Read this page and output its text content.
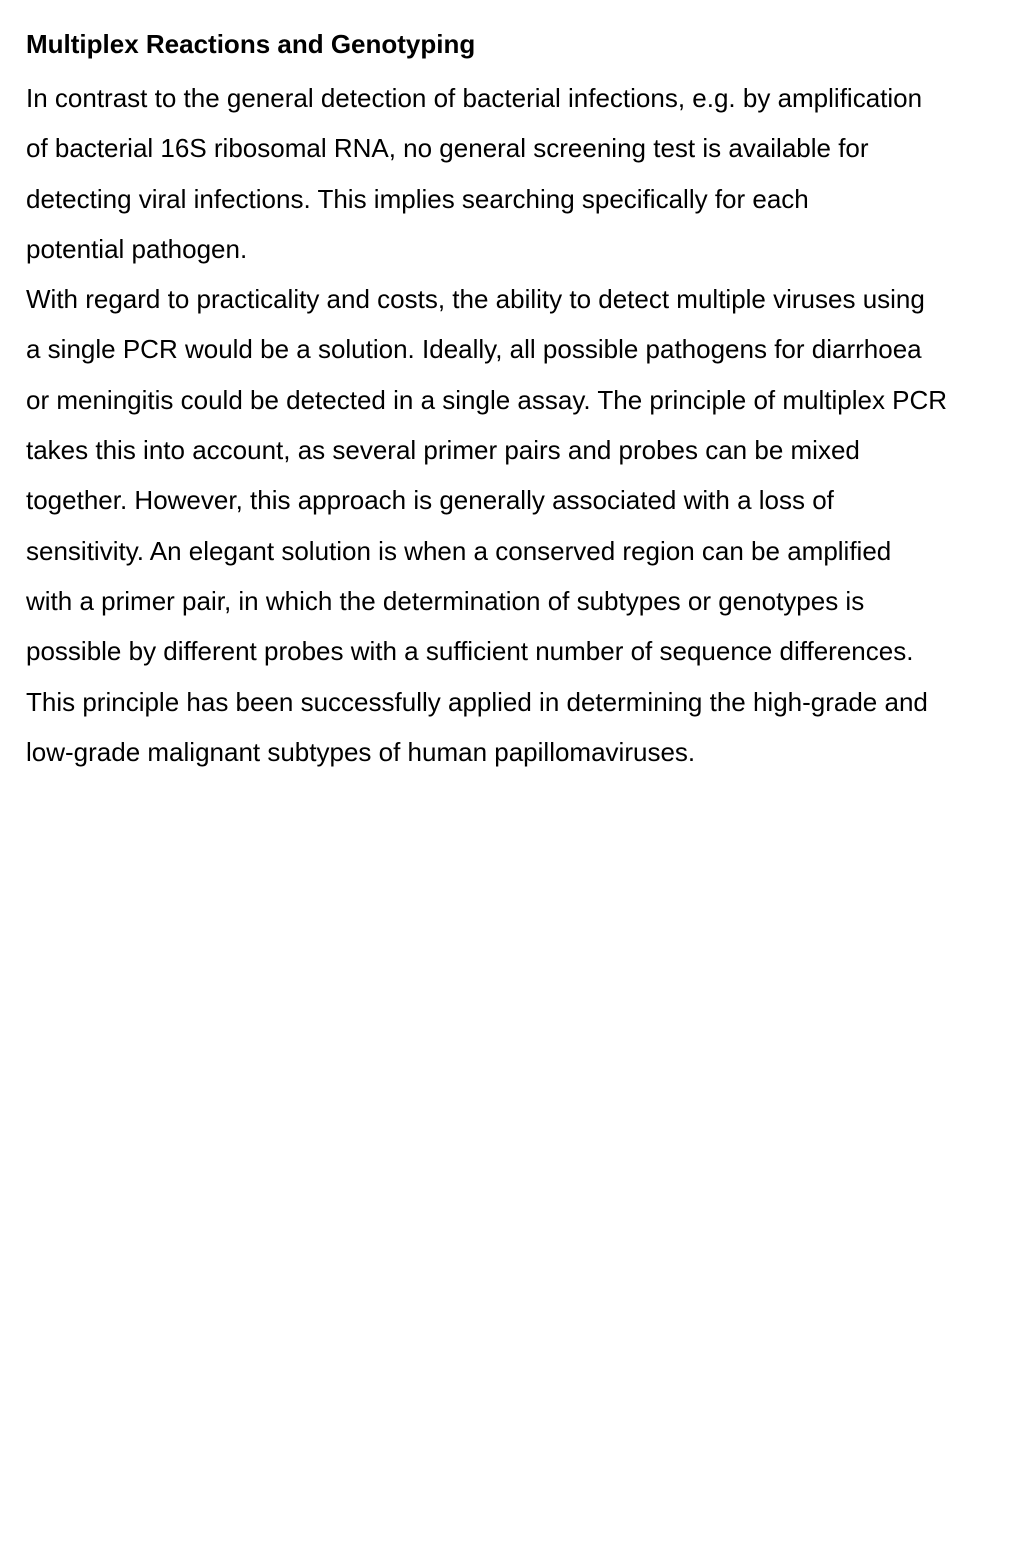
Multiplex Reactions and Genotyping
In contrast to the general detection of bacterial infections, e.g. by amplification
of bacterial 16S ribosomal RNA, no general screening test is available for
detecting viral infections. This implies searching specifically for each
potential pathogen.
With regard to practicality and costs, the ability to detect multiple viruses using
a single PCR would be a solution. Ideally, all possible pathogens for diarrhoea
or meningitis could be detected in a single assay. The principle of multiplex PCR
takes this into account, as several primer pairs and probes can be mixed
together. However, this approach is generally associated with a loss of
sensitivity. An elegant solution is when a conserved region can be amplified
with a primer pair, in which the determination of subtypes or genotypes is
possible by different probes with a sufficient number of sequence differences.
This principle has been successfully applied in determining the high-grade and
low-grade malignant subtypes of human papillomaviruses.
